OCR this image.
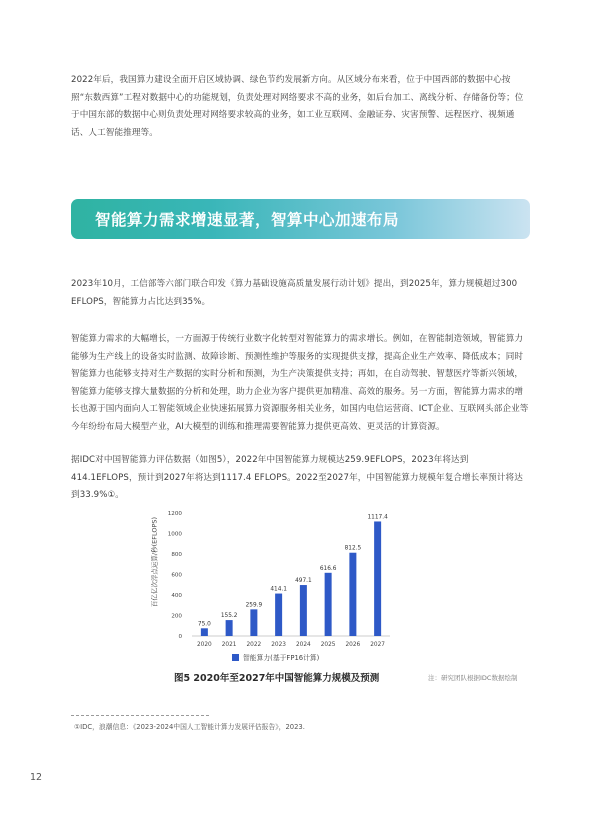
2022年后，我国算力建设全面开启区域协调、绿色节约发展新方向。从区域分布来看，位于中国西部的数据中心按照“东数西算”工程对数据中心的功能规划，负责处理对网络要求不高的业务，如后台加工、离线分析、存储备份等；位于中国东部的数据中心则负责处理对网络要求较高的业务，如工业互联网、金融证券、灾害预警、远程医疗、视频通话、人工智能推理等。

智能算力需求增速显著，智算中心加速布局

2023年10月，工信部等六部门联合印发《算力基础设施高质量发展行动计划》提出，到2025年，算力规模超过300 EFLOPS，智能算力占比达到35%。

智能算力需求的大幅增长，一方面源于传统行业数字化转型对智能算力的需求增长。例如，在智能制造领域，智能算力能够为生产线上的设备实时监测、故障诊断、预测性维护等服务的实现提供支撑，提高企业生产效率、降低成本；同时智能算力也能够支持对生产数据的实时分析和预测，为生产决策提供支持；再如，在自动驾驶、智慧医疗等新兴领域，智能算力能够支撑大量数据的分析和处理，助力企业为客户提供更加精准、高效的服务。另一方面，智能算力需求的增长也源于国内面向人工智能领域企业快速拓展算力资源服务相关业务，如国内电信运营商、ICT企业、互联网头部企业等今年纷纷布局大模型产业，AI大模型的训练和推理需要智能算力提供更高效、更灵活的计算资源。

据IDC对中国智能算力评估数据（如图5），2022年中国智能算力规模达259.9EFLOPS，2023年将达到414.1EFLOPS，预计到2027年将达到1117.4 EFLOPS。2022至2027年，中国智能算力规模年复合增长率预计将达到33.9%①。

百亿亿次浮点运算/秒(EFLOPS)
0
200
400
600
800
1000
1200
75.0
2020
155.2
2021
259.9
2022
414.1
2023
497.1
2024
616.6
2025
812.5
2026
1117.4
2027
智能算力(基于FP16计算)
图5 2020年至2027年中国智能算力规模及预测	注：研究团队根据IDC数据绘制
①IDC，浪潮信息：《2023-2024中国人工智能计算力发展评估报告》，2023.
12
